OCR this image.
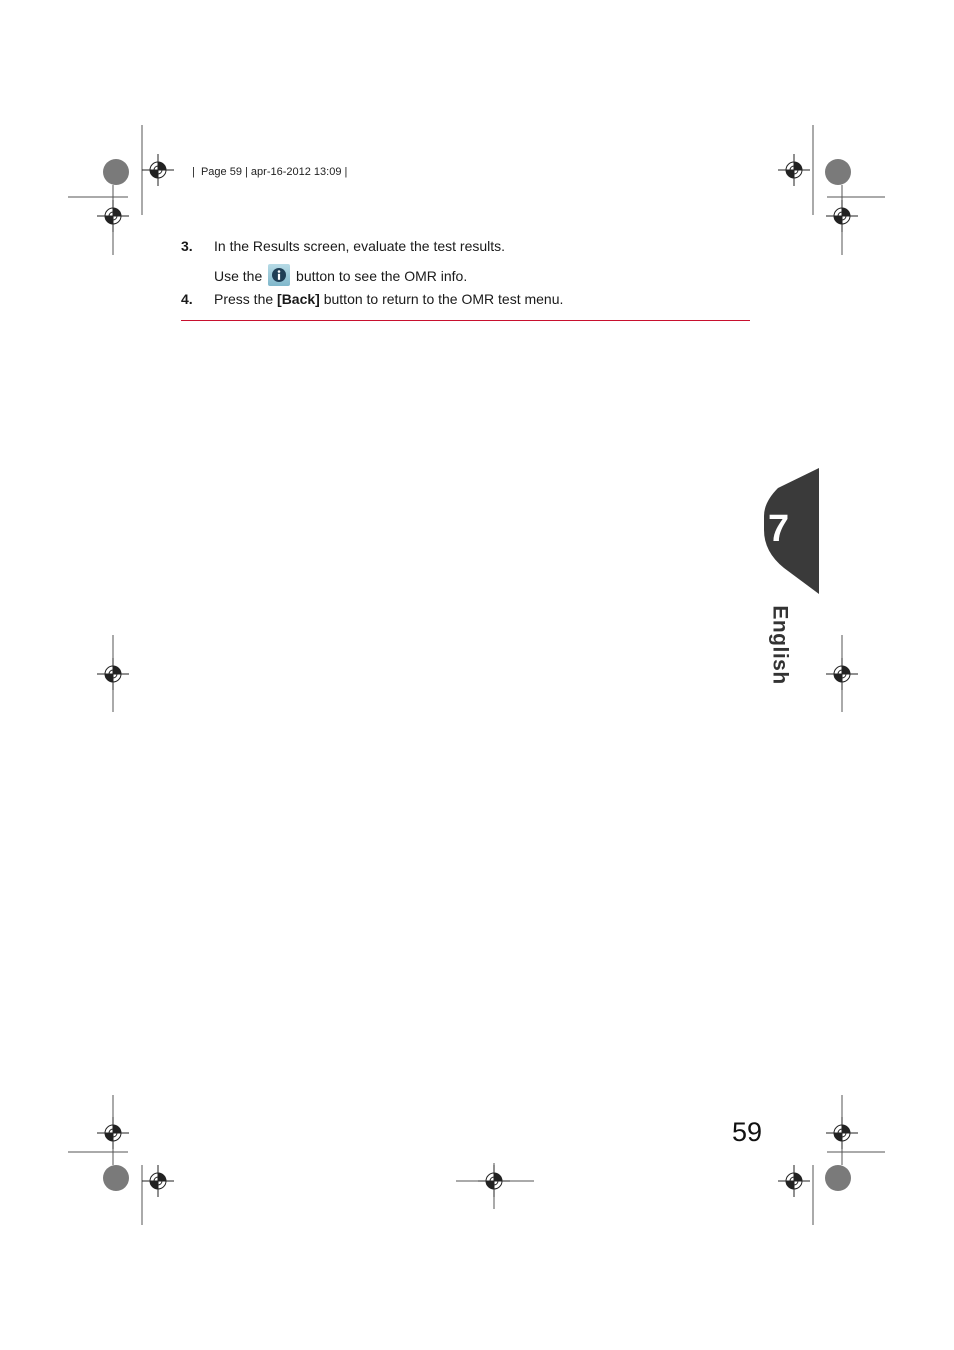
|  Page 59 | apr-16-2012 13:09 |
3. In the Results screen, evaluate the test results.
Use the button to see the OMR info.
4. Press the [Back] button to return to the OMR test menu.
7
English
59
